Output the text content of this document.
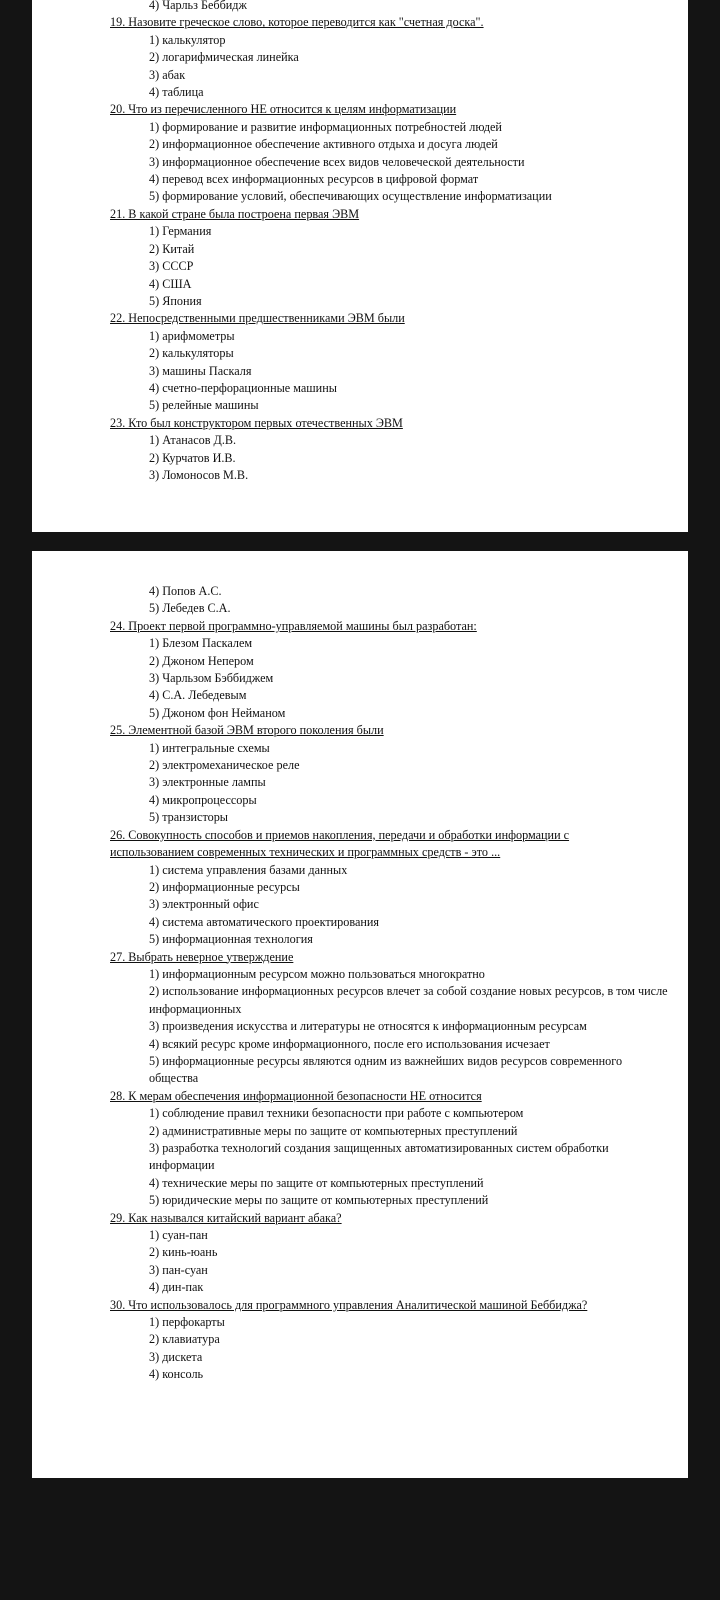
4) Чарльз Беббидж

19. Назовите греческое слово, которое переводится как "счетная доска".

1) калькулятор

2) логарифмическая линейка

3) абак

4) таблица

20. Что из перечисленного НЕ относится к целям информатизации

1) формирование и развитие информационных потребностей людей

2) информационное обеспечение активного отдыха и досуга людей

3) информационное обеспечение всех видов человеческой деятельности

4) перевод всех информационных ресурсов в цифровой формат

5) формирование условий, обеспечивающих осуществление информатизации

21. В какой стране была построена первая ЭВМ

1) Германия

2) Китай

3) СССР

4) США

5) Япония

22. Непосредственными предшественниками ЭВМ были

1) арифмометры

2) калькуляторы

3) машины Паскаля

4) счетно-перфорационные машины

5) релейные машины

23. Кто был конструктором первых отечественных ЭВМ

1) Атанасов Д.В.

2) Курчатов И.В.

3) Ломоносов М.В.

4) Попов А.С.

5) Лебедев С.А.

24. Проект первой программно-управляемой машины был разработан:

1) Блезом Паскалем

2) Джоном Непером

3) Чарльзом Бэббиджем

4) С.А. Лебедевым

5) Джоном фон Нейманом

25. Элементной базой ЭВМ второго поколения были

1) интегральные схемы

2) электромеханическое реле

3) электронные лампы

4) микропроцессоры

5) транзисторы

26. Совокупность способов и приемов накопления, передачи и обработки информации с использованием современных технических и программных средств - это ...

1) система управления базами данных

2) информационные ресурсы

3) электронный офис

4) система автоматического проектирования

5) информационная технология

27. Выбрать неверное утверждение

1) информационным ресурсом можно пользоваться многократно

2) использование информационных ресурсов влечет за собой создание новых ресурсов, в том числе информационных

3) произведения искусства и литературы не относятся к информационным ресурсам

4) всякий ресурс кроме информационного, после его использования исчезает

5) информационные ресурсы являются одним из важнейших видов ресурсов современного общества

28. К мерам обеспечения информационной безопасности НЕ относится

1) соблюдение правил техники безопасности при работе с компьютером

2) административные меры по защите от компьютерных преступлений

3) разработка технологий создания защищенных автоматизированных систем обработки информации

4) технические меры по защите от компьютерных преступлений

5) юридические меры по защите от компьютерных преступлений

29. Как назывался китайский вариант абака?

1) суан-пан

2) кинь-юань

3) пан-суан

4) дин-пак

30. Что использовалось для программного управления Аналитической машиной Беббиджа?

1) перфокарты

2) клавиатура

3) дискета

4) консоль
